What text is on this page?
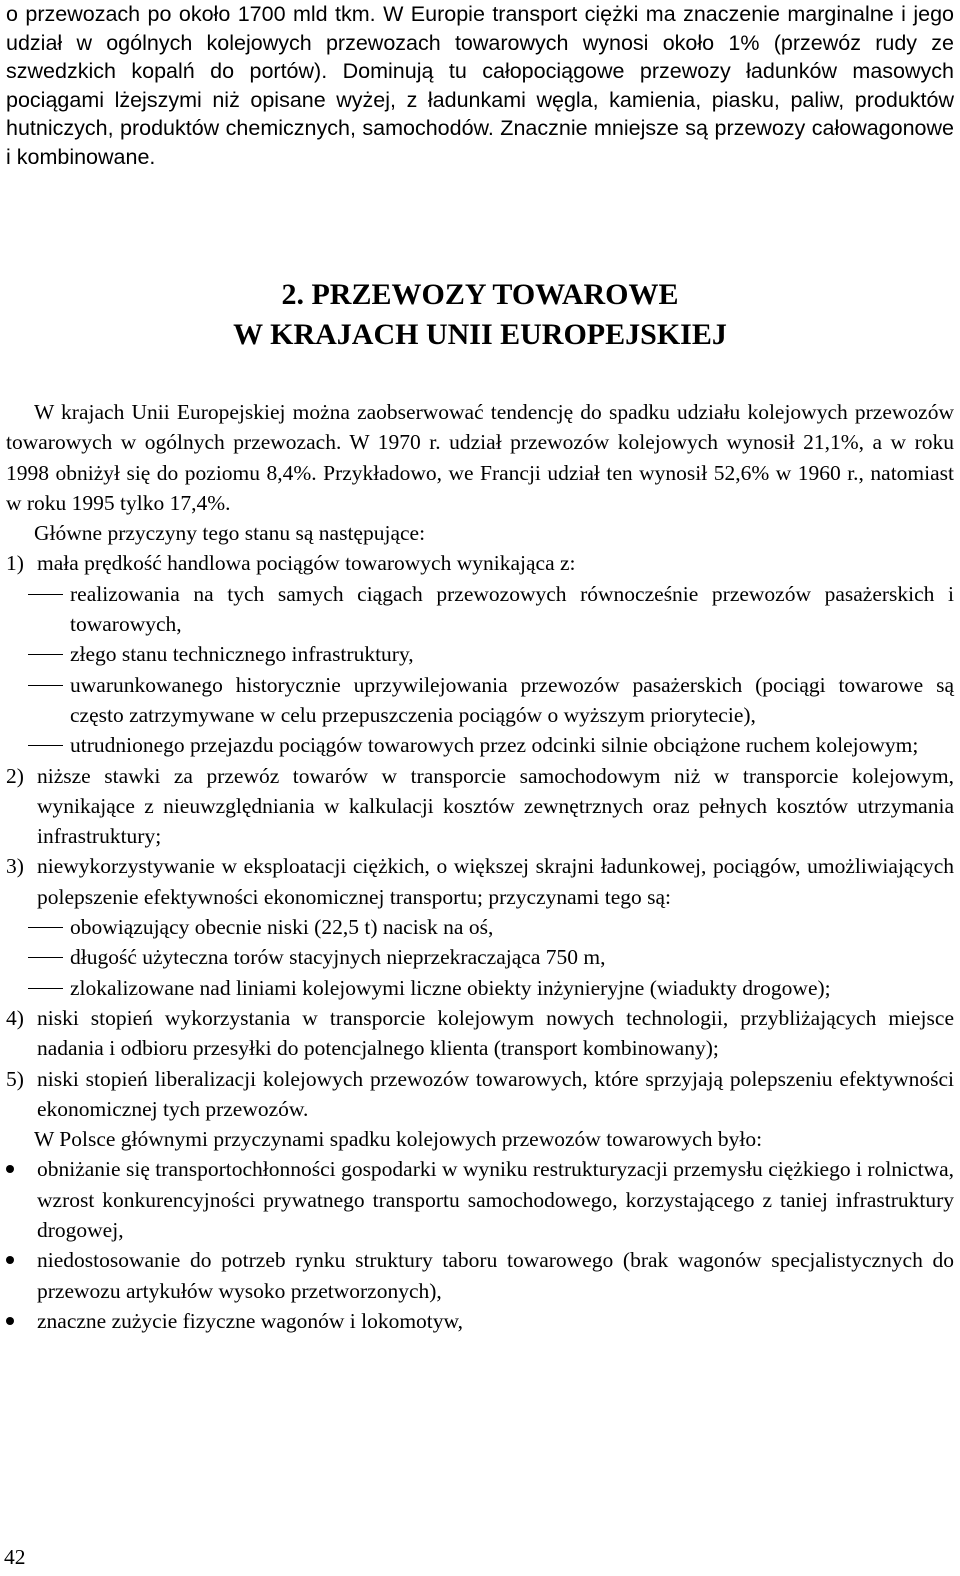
o przewozach po około 1700 mld tkm. W Europie transport ciężki ma znaczenie marginalne i jego udział w ogólnych kolejowych przewozach towarowych wynosi około 1% (przewóz rudy ze szwedzkich kopalń do portów). Dominują tu całopociągowe przewozy ładunków masowych pociągami lżejszymi niż opisane wyżej, z ładunkami węgla, kamienia, piasku, paliw, produktów hutniczych, produktów chemicznych, samochodów. Znacznie mniejsze są przewozy całowagonowe i kombinowane.

2. PRZEWOZY TOWAROWE
W KRAJACH UNII EUROPEJSKIEJ

W krajach Unii Europejskiej można zaobserwować tendencję do spadku udziału kolejowych przewozów towarowych w ogólnych przewozach. W 1970 r. udział przewozów kolejowych wynosił 21,1%, a w roku 1998 obniżył się do poziomu 8,4%. Przykładowo, we Francji udział ten wynosił 52,6% w 1960 r., natomiast w roku 1995 tylko 17,4%.

Główne przyczyny tego stanu są następujące:

1) mała prędkość handlowa pociągów towarowych wynikająca z:
realizowania na tych samych ciągach przewozowych równocześnie przewozów pasażerskich i towarowych,
złego stanu technicznego infrastruktury,
uwarunkowanego historycznie uprzywilejowania przewozów pasażerskich (pociągi towarowe są często zatrzymywane w celu przepuszczenia pociągów o wyższym priorytecie),
utrudnionego przejazdu pociągów towarowych przez odcinki silnie obciążone ruchem kolejowym;
2) niższe stawki za przewóz towarów w transporcie samochodowym niż w transporcie kolejowym, wynikające z nieuwzględniania w kalkulacji kosztów zewnętrznych oraz pełnych kosztów utrzymania infrastruktury;
3) niewykorzystywanie w eksploatacji ciężkich, o większej skrajni ładunkowej, pociągów, umożliwiających polepszenie efektywności ekonomicznej transportu; przyczynami tego są:
obowiązujący obecnie niski (22,5 t) nacisk na oś,
długość użyteczna torów stacyjnych nieprzekraczająca 750 m,
zlokalizowane nad liniami kolejowymi liczne obiekty inżynieryjne (wiadukty drogowe);
4) niski stopień wykorzystania w transporcie kolejowym nowych technologii, przybliżających miejsce nadania i odbioru przesyłki do potencjalnego klienta (transport kombinowany);
5) niski stopień liberalizacji kolejowych przewozów towarowych, które sprzyjają polepszeniu efektywności ekonomicznej tych przewozów.

W Polsce głównymi przyczynami spadku kolejowych przewozów towarowych było:

obniżanie się transportochłonności gospodarki w wyniku restrukturyzacji przemysłu ciężkiego i rolnictwa, wzrost konkurencyjności prywatnego transportu samochodowego, korzystającego z taniej infrastruktury drogowej,
niedostosowanie do potrzeb rynku struktury taboru towarowego (brak wagonów specjalistycznych do przewozu artykułów wysoko przetworzonych),
znaczne zużycie fizyczne wagonów i lokomotyw,
42
